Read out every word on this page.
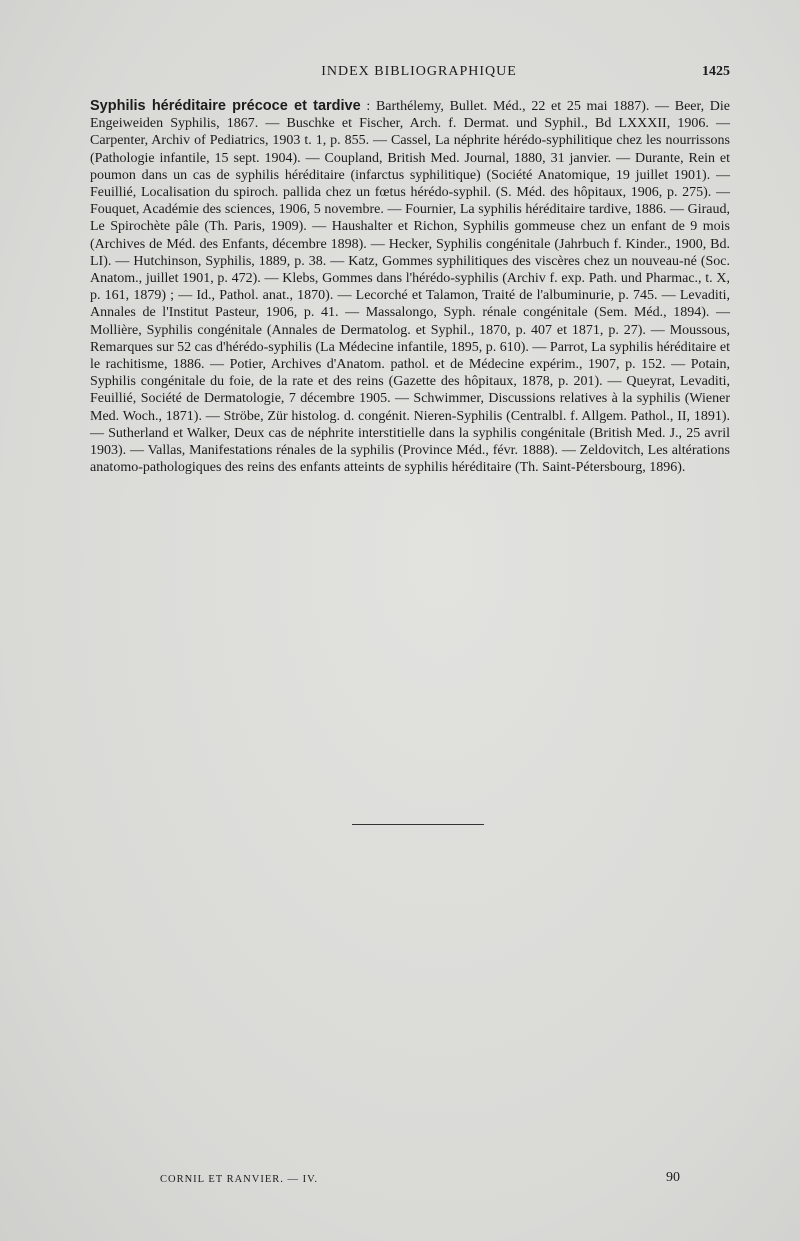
INDEX BIBLIOGRAPHIQUE	1425
Syphilis héréditaire précoce et tardive : Barthélemy, Bullet. Méd., 22 et 25 mai 1887). — Beer, Die Engeiweiden Syphilis, 1867. — Buschke et Fischer, Arch. f. Dermat. und Syphil., Bd LXXXII, 1906. — Carpenter, Archiv of Pediatrics, 1903 t. 1, p. 855. — Cassel, La néphrite hérédo-syphilitique chez les nourrissons (Pathologie infantile, 15 sept. 1904). — Coupland, British Med. Journal, 1880, 31 janvier. — Durante, Rein et poumon dans un cas de syphilis héréditaire (infarctus syphilitique) (Société Anatomique, 19 juillet 1901). — Feuillié, Localisation du spiroch. pallida chez un fœtus hérédo-syphil. (S. Méd. des hôpitaux, 1906, p. 275). — Fouquet, Académie des sciences, 1906, 5 novembre. — Fournier, La syphilis héréditaire tardive, 1886. — Giraud, Le Spirochète pâle (Th. Paris, 1909). — Haushalter et Richon, Syphilis gommeuse chez un enfant de 9 mois (Archives de Méd. des Enfants, décembre 1898). — Hecker, Syphilis congénitale (Jahrbuch f. Kinder., 1900, Bd. LI). — Hutchinson, Syphilis, 1889, p. 38. — Katz, Gommes syphilitiques des viscères chez un nouveau-né (Soc. Anatom., juillet 1901, p. 472). — Klebs, Gommes dans l'hérédo-syphilis (Archiv f. exp. Path. und Pharmac., t. X, p. 161, 1879) ; — Id., Pathol. anat., 1870). — Lecorché et Talamon, Traité de l'albuminurie, p. 745. — Levaditi, Annales de l'Institut Pasteur, 1906, p. 41. — Massalongo, Syph. rénale congénitale (Sem. Méd., 1894). — Mollière, Syphilis congénitale (Annales de Dermatolog. et Syphil., 1870, p. 407 et 1871, p. 27). — Moussous, Remarques sur 52 cas d'hérédo-syphilis (La Médecine infantile, 1895, p. 610). — Parrot, La syphilis héréditaire et le rachitisme, 1886. — Potier, Archives d'Anatom. pathol. et de Médecine expérim., 1907, p. 152. — Potain, Syphilis congénitale du foie, de la rate et des reins (Gazette des hôpitaux, 1878, p. 201). — Queyrat, Levaditi, Feuillié, Société de Dermatologie, 7 décembre 1905. — Schwimmer, Discussions relatives à la syphilis (Wiener Med. Woch., 1871). — Ströbe, Zür histolog. d. congénit. Nieren-Syphilis (Centralbl. f. Allgem. Pathol., II, 1891). — Sutherland et Walker, Deux cas de néphrite interstitielle dans la syphilis congénitale (British Med. J., 25 avril 1903). — Vallas, Manifestations rénales de la syphilis (Province Méd., févr. 1888). — Zeldovitch, Les altérations anatomo-pathologiques des reins des enfants atteints de syphilis héréditaire (Th. Saint-Pétersbourg, 1896).
CORNIL ET RANVIER. — IV.	90
